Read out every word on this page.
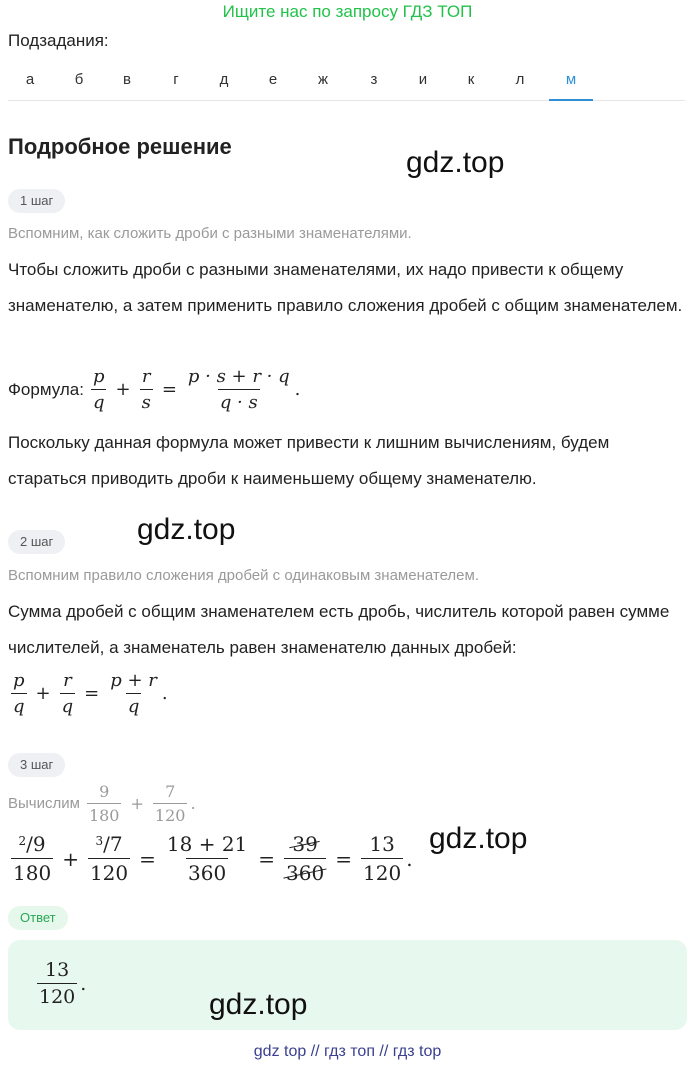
Ищите нас по запросу ГДЗ ТОП
Подзадания:
а	б	в	г	д	е	ж	з	и	к	л	м
Подробное решение	gdz.top
1 шаг
Вспомним, как сложить дроби с разными знаменателями.
Чтобы сложить дроби с разными знаменателями, их надо привести к общему знаменателю, а затем применить правило сложения дробей с общим знаменателем.
Формула: $\frac{p}{q} + \frac{r}{s} = \frac{p \cdot s + r \cdot q}{q \cdot s}$ .
Поскольку данная формула может привести к лишним вычислениям, будем стараться приводить дроби к наименьшему общему знаменателю.
gdz.top
2 шаг
Вспомним правило сложения дробей с одинаковым знаменателем.
Сумма дробей с общим знаменателем есть дробь, числитель которой равен сумме числителей, а знаменатель равен знаменателю данных дробей:
$\frac{p}{q} + \frac{r}{q} = \frac{p + r}{q}$ .
3 шаг
Вычислим $\frac{9}{180} + \frac{7}{120}$ .
gdz.top
$\frac{^2/9}{180} + \frac{^3/7}{120} = \frac{18 + 21}{360} = \frac{39}{360} = \frac{13}{120}$ .
Ответ
$\frac{13}{120}$ .
gdz.top
gdz top // гдз топ // гдз top
